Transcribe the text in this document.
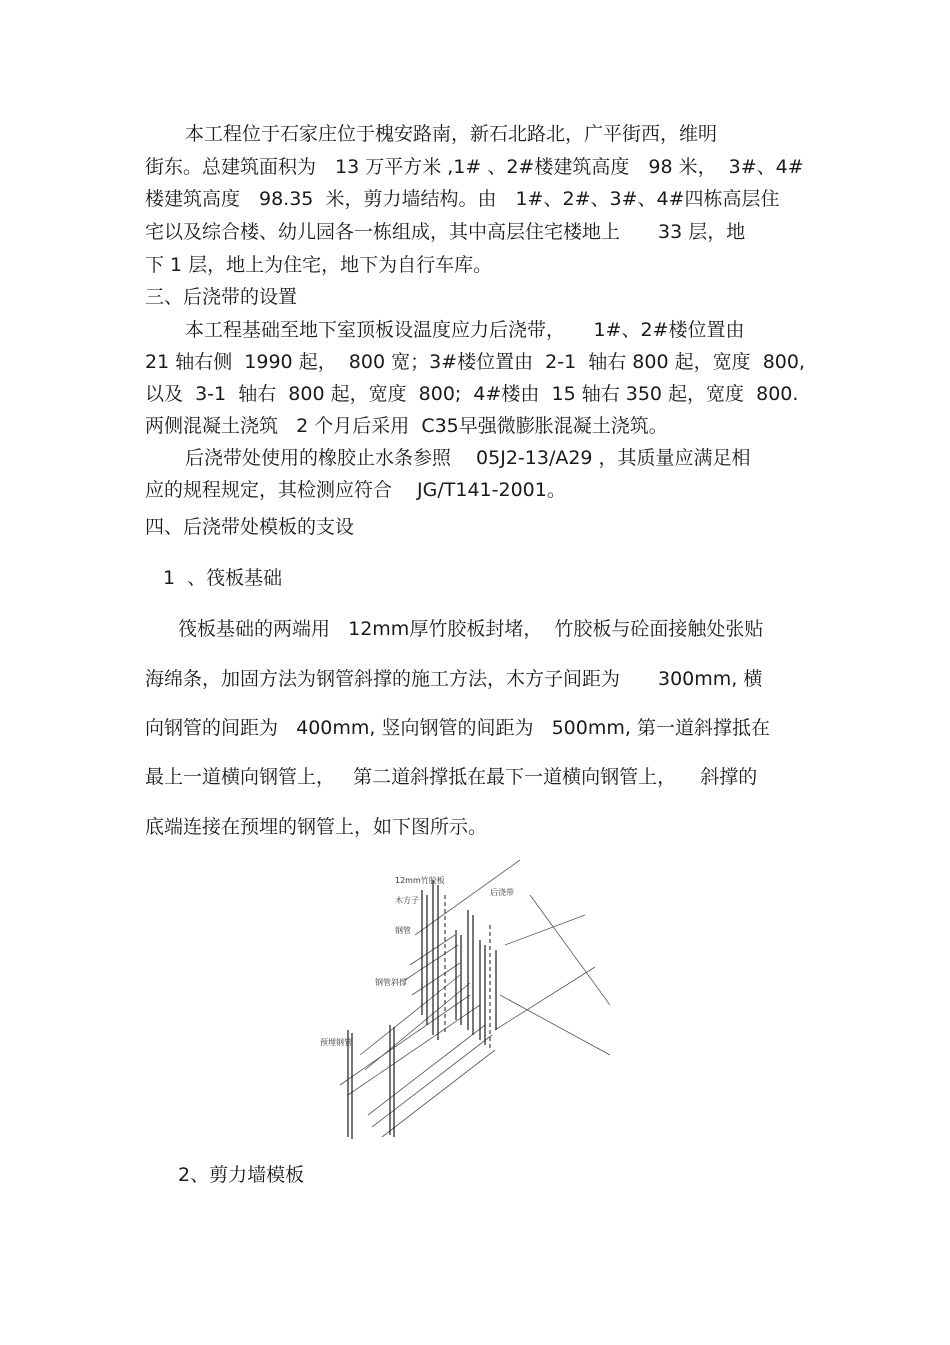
本工程位于石家庄位于槐安路南，新石北路北，广平街西，维明
街东。总建筑面积为　13 万平方米 ,1# 、2#楼建筑高度　98 米，  3#、4#
楼建筑高度　98.35  米，剪力墙结构。由　1#、2#、3#、4#四栋高层住
宅以及综合楼、幼儿园各一栋组成，其中高层住宅楼地上　　33 层，地
下 1 层，地上为住宅，地下为自行车库。
三、后浇带的设置
本工程基础至地下室顶板设温度应力后浇带，　　1#、2#楼位置由
21 轴右侧  1990 起，  800 宽；3#楼位置由  2-1  轴右 800 起，宽度  800,
以及  3-1  轴右  800 起，宽度  800;  4#楼由  15 轴右 350 起，宽度  800.
两侧混凝土浇筑   2 个月后采用  C35早强微膨胀混凝土浇筑。
后浇带处使用的橡胶止水条参照　 05J2-13/A29 ，其质量应满足相
应的规程规定，其检测应符合　 JG/T141-2001。
四、后浇带处模板的支设
1  、筏板基础
筏板基础的两端用   12mm厚竹胶板封堵，  竹胶板与砼面接触处张贴
海绵条，加固方法为钢管斜撑的施工方法，木方子间距为　　300mm, 横
向钢管的间距为   400mm, 竖向钢管的间距为   500mm, 第一道斜撑抵在
最上一道横向钢管上，   第二道斜撑抵在最下一道横向钢管上，    斜撑的
底端连接在预埋的钢管上，如下图所示。
12mm竹胶板
后浇带
木方子
钢管
钢管斜撑
预埋钢管
2、剪力墙模板
